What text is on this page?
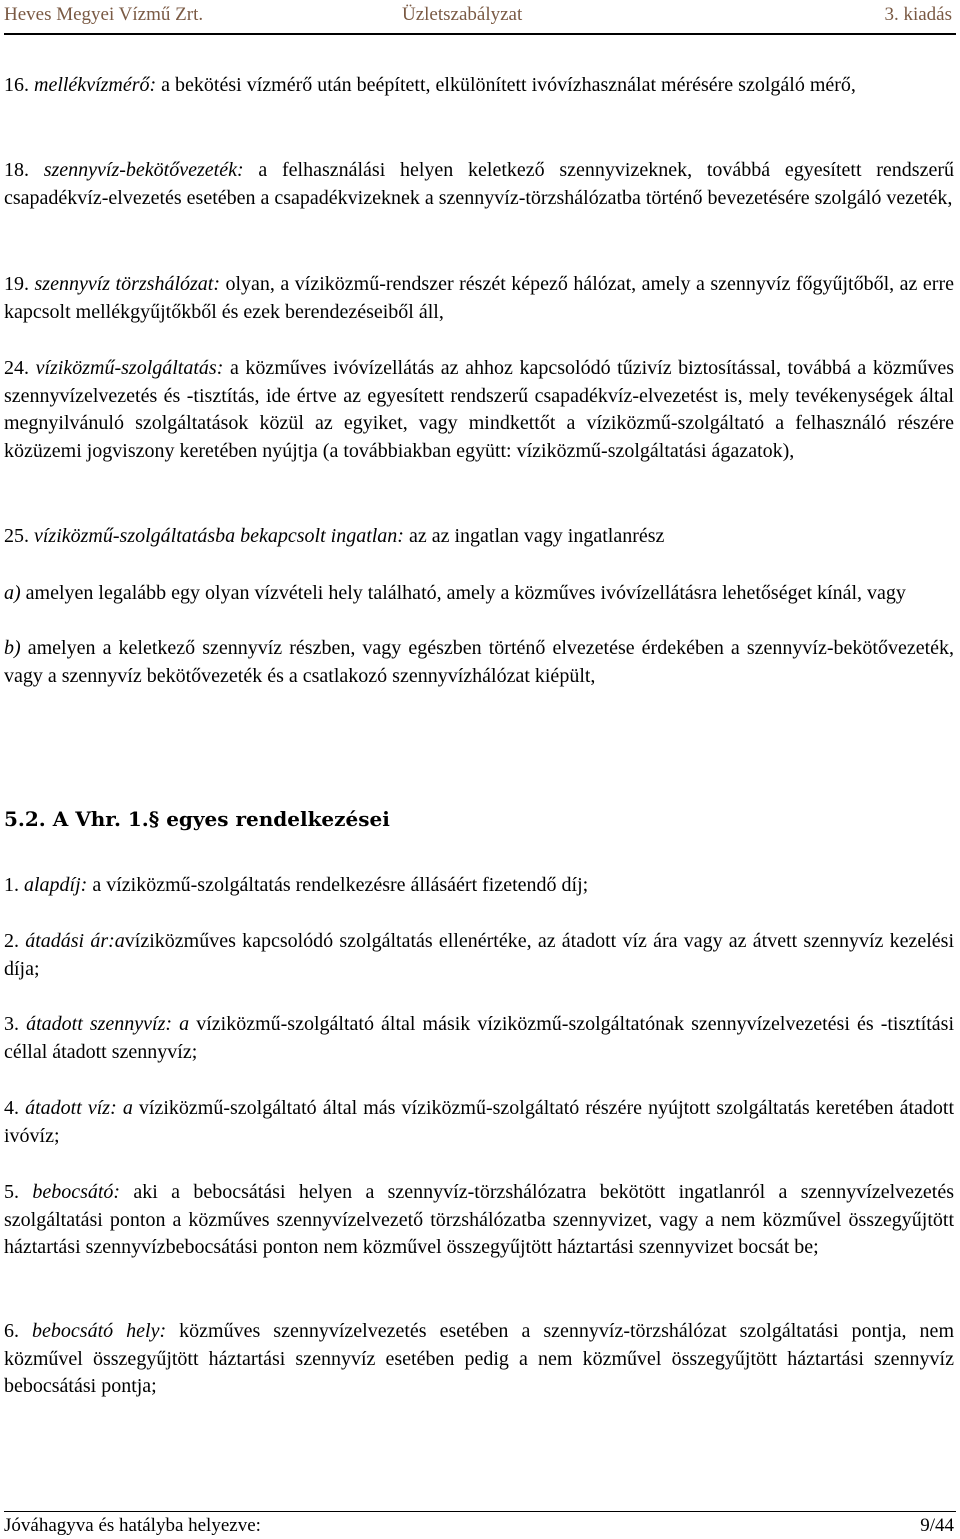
Heves Megyei Vízmű Zrt.	Üzletszabályzat	3. kiadás

16. mellékvízmérő: a bekötési vízmérő után beépített, elkülönített ivóvízhasználat mérésére szolgáló mérő,

18. szennyvíz-bekötővezeték: a felhasználási helyen keletkező szennyvizeknek, továbbá egyesített rendszerű csapadékvíz-elvezetés esetében a csapadékvizeknek a szennyvíz-törzshálózatba történő bevezetésére szolgáló vezeték,

19. szennyvíz törzshálózat: olyan, a víziközmű-rendszer részét képező hálózat, amely a szennyvíz főgyűjtőből, az erre kapcsolt mellékgyűjtőkből és ezek berendezéseiből áll,

24. víziközmű-szolgáltatás: a közműves ivóvízellátás az ahhoz kapcsolódó tűzivíz biztosítással, továbbá a közműves szennyvízelvezetés és -tisztítás, ide értve az egyesített rendszerű csapadékvíz-elvezetést is, mely tevékenységek által megnyilvánuló szolgáltatások közül az egyiket, vagy mindkettőt a víziközmű-szolgáltató a felhasználó részére közüzemi jogviszony keretében nyújtja (a továbbiakban együtt: víziközmű-szolgáltatási ágazatok),

25. víziközmű-szolgáltatásba bekapcsolt ingatlan: az az ingatlan vagy ingatlanrész

a) amelyen legalább egy olyan vízvételi hely található, amely a közműves ivóvízellátásra lehetőséget kínál, vagy

b) amelyen a keletkező szennyvíz részben, vagy egészben történő elvezetése érdekében a szennyvíz-bekötővezeték, vagy a szennyvíz bekötővezeték és a csatlakozó szennyvízhálózat kiépült,

5.2. A Vhr. 1.§ egyes rendelkezései

1. alapdíj: a víziközmű-szolgáltatás rendelkezésre állásáért fizetendő díj;

2. átadási ár:avíziközműves kapcsolódó szolgáltatás ellenértéke, az átadott víz ára vagy az átvett szennyvíz kezelési díja;

3. átadott szennyvíz: a víziközmű-szolgáltató által másik víziközmű-szolgáltatónak szennyvízelvezetési és -tisztítási céllal átadott szennyvíz;

4. átadott víz: a víziközmű-szolgáltató által más víziközmű-szolgáltató részére nyújtott szolgáltatás keretében átadott ivóvíz;

5. bebocsátó: aki a bebocsátási helyen a szennyvíz-törzshálózatra bekötött ingatlanról a szennyvízelvezetés szolgáltatási ponton a közműves szennyvízelvezető törzshálózatba szennyvizet, vagy a nem közművel összegyűjtött háztartási szennyvízbebocsátási ponton nem közművel összegyűjtött háztartási szennyvizet bocsát be;

6. bebocsátó hely: közműves szennyvízelvezetés esetében a szennyvíz-törzshálózat szolgáltatási pontja, nem közművel összegyűjtött háztartási szennyvíz esetében pedig a nem közművel összegyűjtött háztartási szennyvíz bebocsátási pontja;

Jóváhagyva és hatályba helyezve:	9/44
